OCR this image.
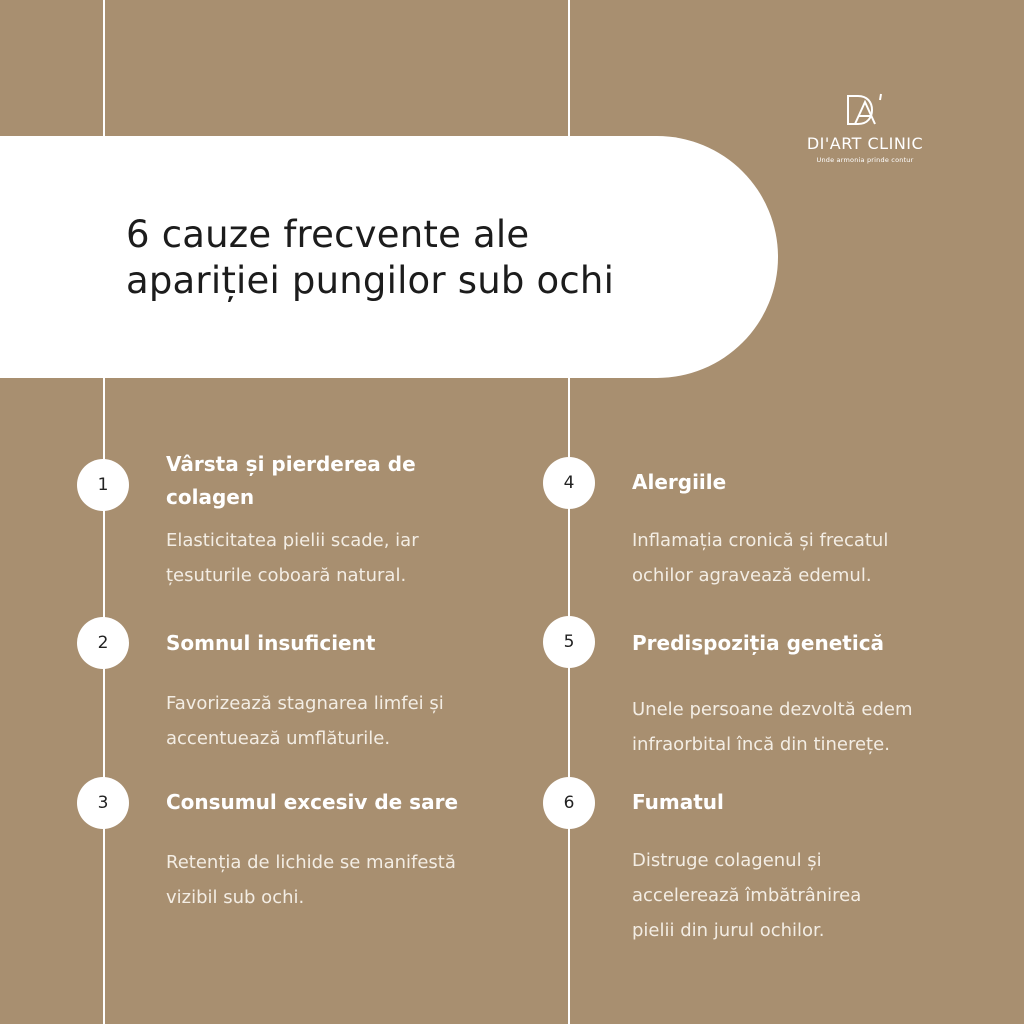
6 cauze frecvente ale
apariției pungilor sub ochi
DI'ART CLINIC
Unde armonia prinde contur
1
Vârsta și pierderea de
colagen
Elasticitatea pielii scade, iar
țesuturile coboară natural.
2	Somnul insuficient
Favorizează stagnarea limfei și
accentuează umflăturile.
3	Consumul excesiv de sare
Retenția de lichide se manifestă
vizibil sub ochi.
4	Alergiile
Inflamația cronică și frecatul
ochilor agravează edemul.
5	Predispoziția genetică
Unele persoane dezvoltă edem
infraorbital încă din tinerețe.
6	Fumatul
Distruge colagenul și
accelerează îmbătrânirea
pielii din jurul ochilor.
